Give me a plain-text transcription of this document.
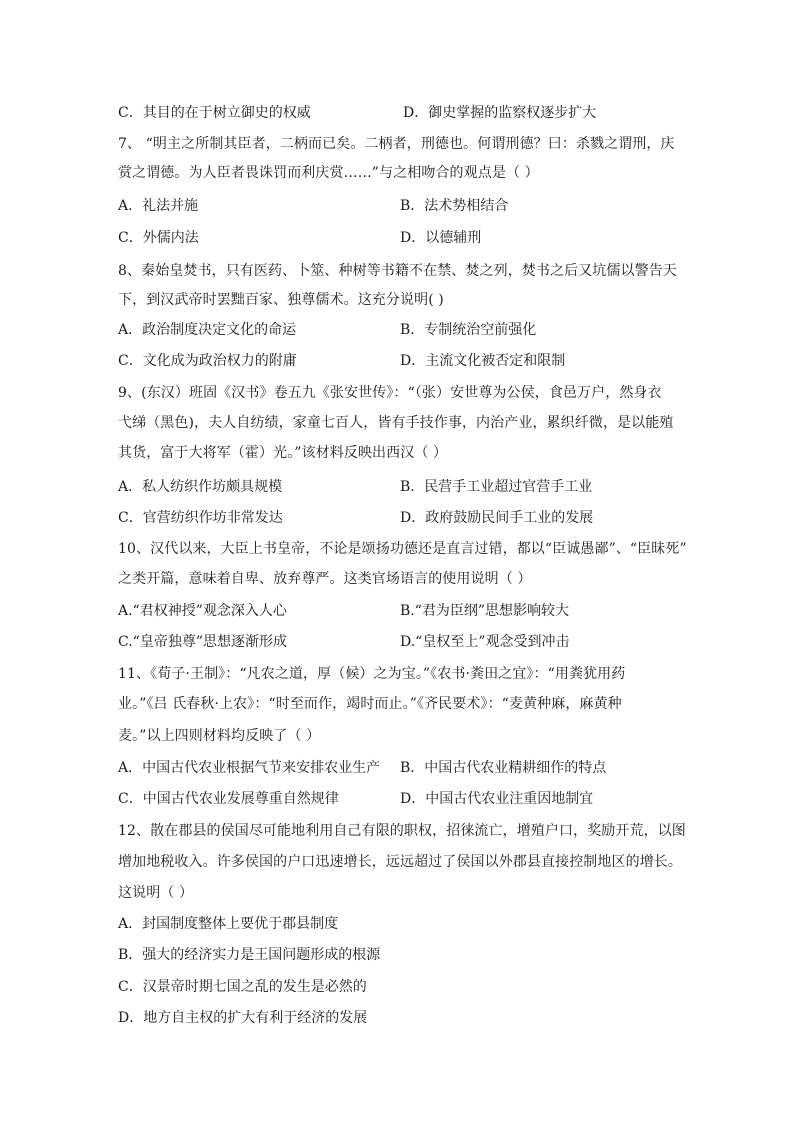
C．其目的在于树立御史的权威	D．御史掌握的监察权逐步扩大
7、 “明主之所制其臣者，二柄而已矣。二柄者，刑德也。何谓刑德？曰：杀戮之谓刑，庆
赏之谓德。为人臣者畏诛罚而利庆赏……”与之相吻合的观点是（ ）
A．礼法并施	B．法术势相结合
C．外儒内法	D．以德辅刑
8、秦始皇焚书，只有医药、卜筮、种树等书籍不在禁、焚之列，焚书之后又坑儒以警告天
下，到汉武帝时罢黜百家、独尊儒术。这充分说明( )
A．政治制度决定文化的命运	B．专制统治空前强化
C．文化成为政治权力的附庸	D．主流文化被否定和限制
9、(东汉）班固《汉书》卷五九《张安世传》：“（张）安世尊为公侯，食邑万户，然身衣
弋绨（黑色)，夫人自纺绩，家童七百人，皆有手技作事，内治产业，累织纤微，是以能殖
其货，富于大将军（霍）光。”该材料反映出西汉（ ）
A．私人纺织作坊颇具规模	B．民营手工业超过官营手工业
C．官营纺织作坊非常发达	D．政府鼓励民间手工业的发展
10、汉代以来，大臣上书皇帝，不论是颂扬功德还是直言过错，都以“臣诚愚鄙”、“臣昧死”
之类开篇，意味着自卑、放弃尊严。这类官场语言的使用说明（ ）
A.“君权神授”观念深入人心	B.“君为臣纲”思想影响较大
C.“皇帝独尊”思想逐渐形成	D.“皇权至上”观念受到冲击
11、《荀子·王制》：“凡农之道，厚（候）之为宝。”《农书·粪田之宜》：“用粪犹用药
业。”《吕 氏春秋·上农》：“时至而作，竭时而止。”《齐民要术》：“麦黄种麻，麻黄种
麦。”以上四则材料均反映了（ ）
A．中国古代农业根据气节来安排农业生产 B．中国古代农业精耕细作的特点
C．中国古代农业发展尊重自然规律	D．中国古代农业注重因地制宜
12、散在郡县的侯国尽可能地利用自己有限的职权，招徕流亡，增殖户口，奖励开荒，以图
增加地税收入。许多侯国的户口迅速增长，远远超过了侯国以外郡县直接控制地区的增长。
这说明（ ）
A．封国制度整体上要优于郡县制度
B．强大的经济实力是王国问题形成的根源
C．汉景帝时期七国之乱的发生是必然的
D．地方自主权的扩大有利于经济的发展
